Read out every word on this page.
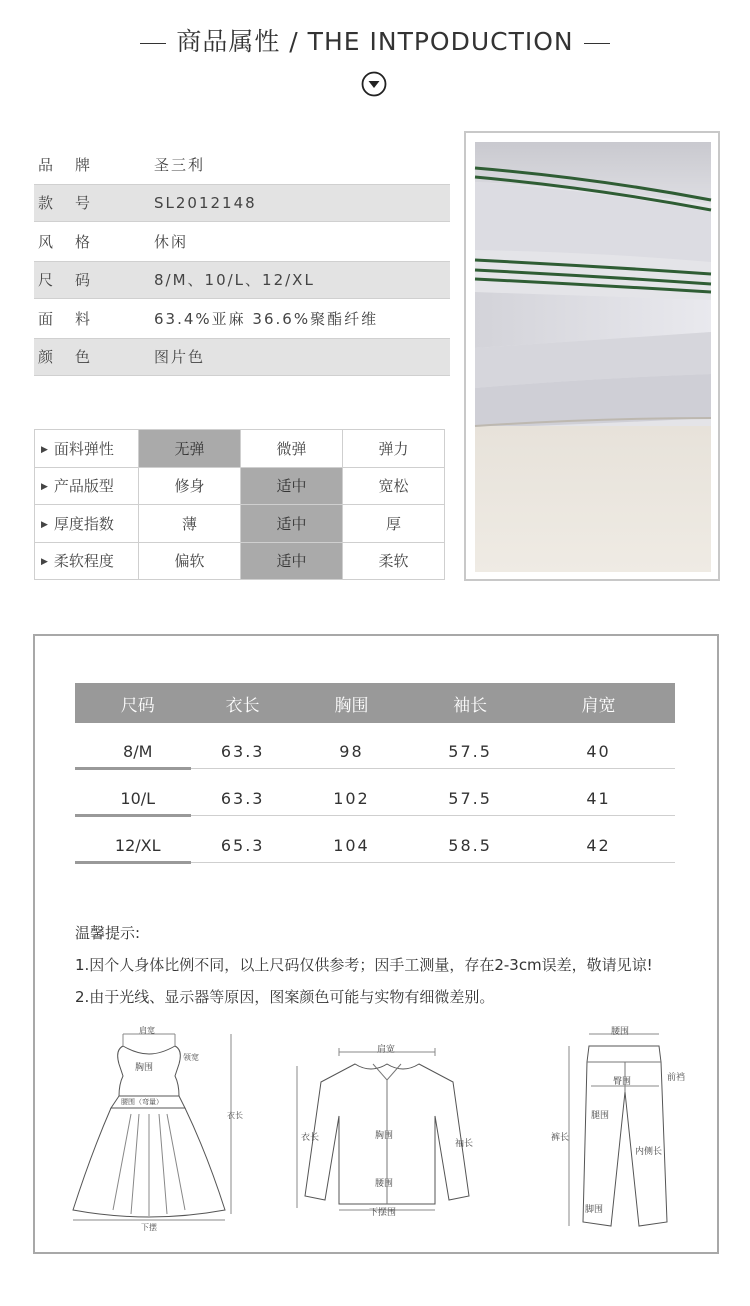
商品属性 / THE INTPODUCTION
品牌	圣三利
款号	SL2012148
风格	休闲
尺码	8/M、10/L、12/XL
面料	63.4%亚麻 36.6%聚酯纤维
颜色	图片色
▶ 面料弹性	无弹	微弹	弹力
▶ 产品版型	修身	适中	宽松
▶ 厚度指数	薄	适中	厚
▶ 柔软程度	偏软	适中	柔软
尺码	衣长	胸围	袖长	肩宽
8/M	63.3	98	57.5	40
10/L	63.3	102	57.5	41
12/XL	65.3	104	58.5	42

温馨提示:

1.因个人身体比例不同，以上尺码仅供参考；因手工测量，存在2-3cm误差，敬请见谅!

2.由于光线、显示器等原因，图案颜色可能与实物有细微差别。

肩宽
领宽
胸围
腰围（弯量）
衣长
下摆
肩宽
衣长	胸围
袖长
腰围
下摆围
腰围
臀围	前裆
裤长
腿围
内侧长
脚围
